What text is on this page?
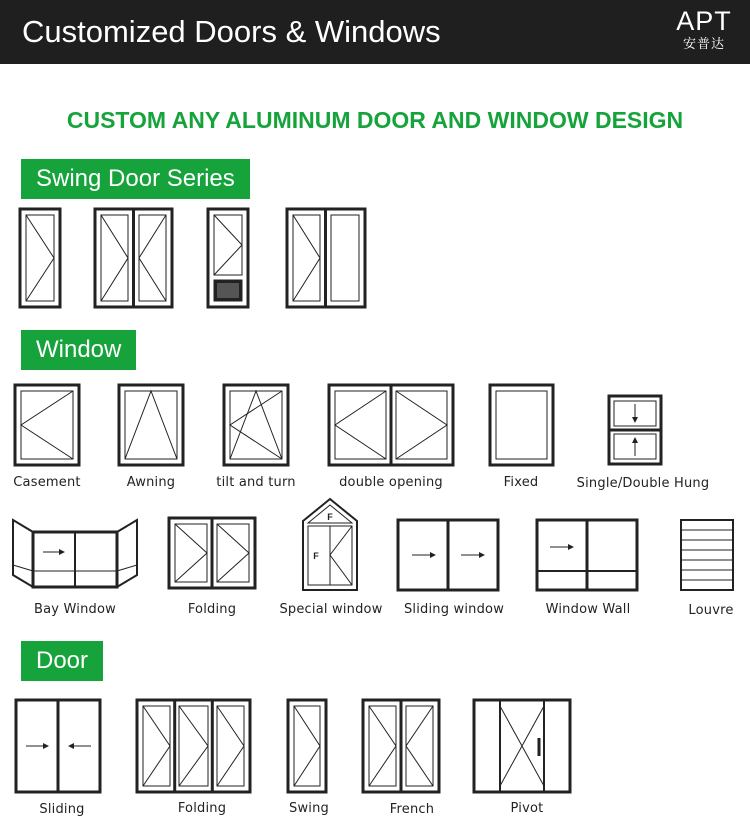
Customized Doors & Windows	APT
安普达
CUSTOM ANY ALUMINUM DOOR AND WINDOW DESIGN
Swing Door Series
Window
Door
F
F
Casement	Awning	tilt and turn	double opening	Fixed	Single/Double Hung
Bay Window	Folding	Special window	Sliding window	Window Wall	Louvre
Sliding	Folding	Swing	French	Pivot
